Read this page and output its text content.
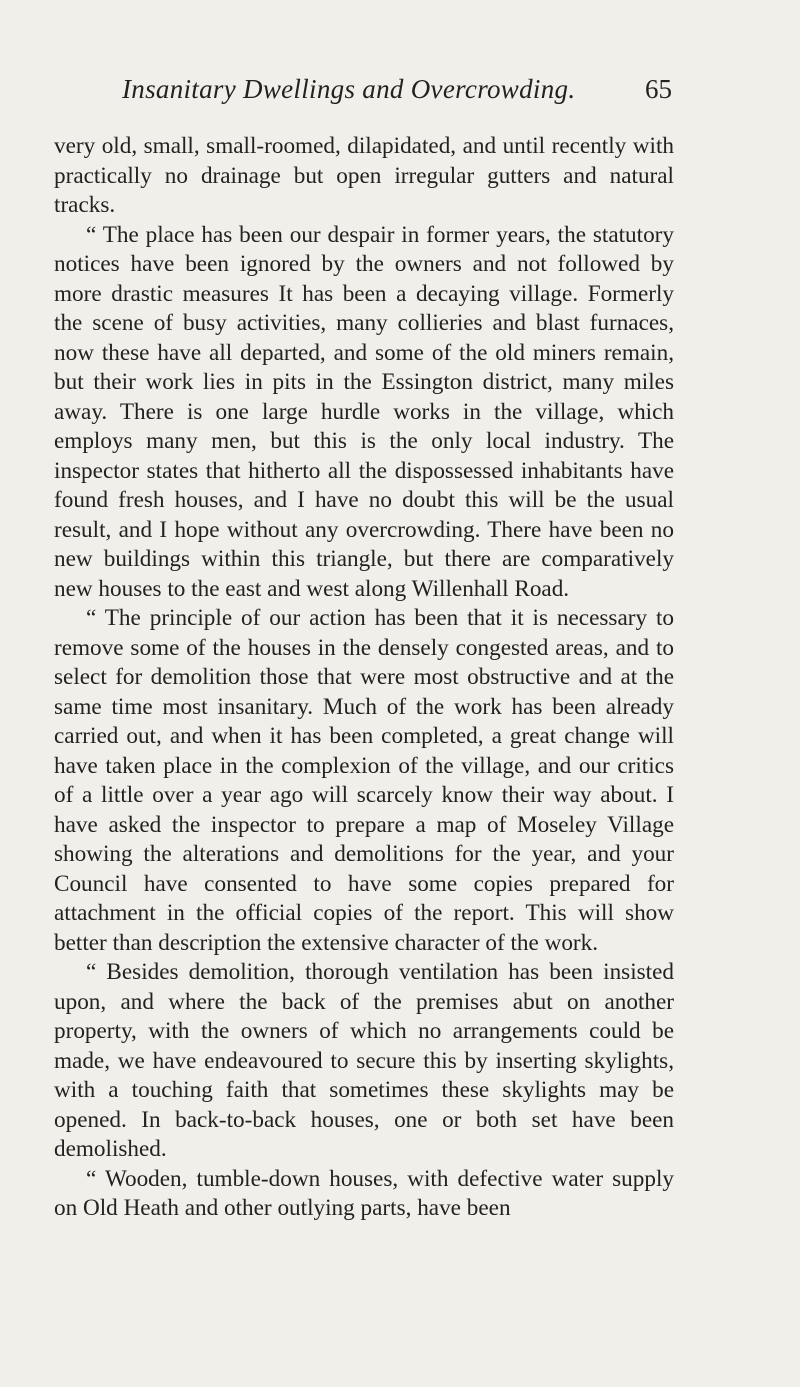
Insanitary Dwellings and Overcrowding.	65

very old, small, small-roomed, dilapidated, and until recently with practically no drainage but open irregular gutters and natural tracks.

“ The place has been our despair in former years, the statutory notices have been ignored by the owners and not followed by more drastic measures It has been a decaying village. Formerly the scene of busy activities, many collieries and blast furnaces, now these have all departed, and some of the old miners remain, but their work lies in pits in the Essington district, many miles away. There is one large hurdle works in the village, which employs many men, but this is the only local industry. The inspector states that hitherto all the dispossessed inhabitants have found fresh houses, and I have no doubt this will be the usual result, and I hope without any overcrowding. There have been no new buildings within this triangle, but there are comparatively new houses to the east and west along Willenhall Road.

“ The principle of our action has been that it is necessary to remove some of the houses in the densely congested areas, and to select for demolition those that were most obstructive and at the same time most insanitary. Much of the work has been already carried out, and when it has been completed, a great change will have taken place in the complexion of the village, and our critics of a little over a year ago will scarcely know their way about. I have asked the inspector to prepare a map of Moseley Village showing the alterations and demolitions for the year, and your Council have consented to have some copies prepared for attachment in the official copies of the report. This will show better than description the extensive character of the work.

“ Besides demolition, thorough ventilation has been insisted upon, and where the back of the premises abut on another property, with the owners of which no arrangements could be made, we have endeavoured to secure this by inserting skylights, with a touching faith that sometimes these skylights may be opened. In back-to-back houses, one or both set have been demolished.

“ Wooden, tumble-down houses, with defective water supply on Old Heath and other outlying parts, have been
